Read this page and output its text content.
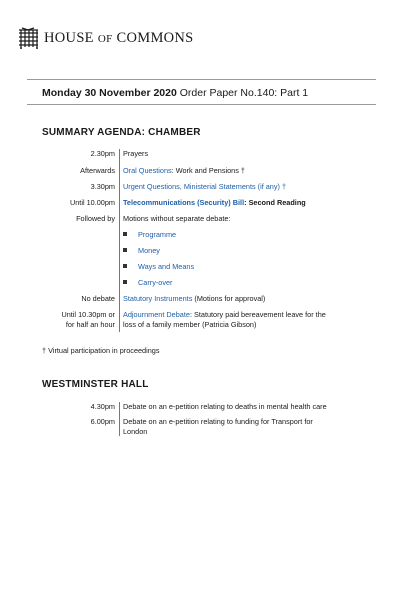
HOUSE OF COMMONS
Monday 30 November 2020 Order Paper No.140: Part 1
SUMMARY AGENDA: CHAMBER
2.30pm Prayers
Afterwards Oral Questions: Work and Pensions †
3.30pm Urgent Questions, Ministerial Statements (if any) †
Until 10.00pm Telecommunications (Security) Bill: Second Reading
Followed by Motions without separate debate:
Programme
Money
Ways and Means
Carry-over
No debate Statutory Instruments (Motions for approval)
Until 10.30pm or
for half an hour
Adjournment Debate: Statutory paid bereavement leave for the
loss of a family member (Patricia Gibson)
† Virtual participation in proceedings
WESTMINSTER HALL
4.30pm Debate on an e-petition relating to deaths in mental health care
6.00pm Debate on an e-petition relating to funding for Transport for
London
